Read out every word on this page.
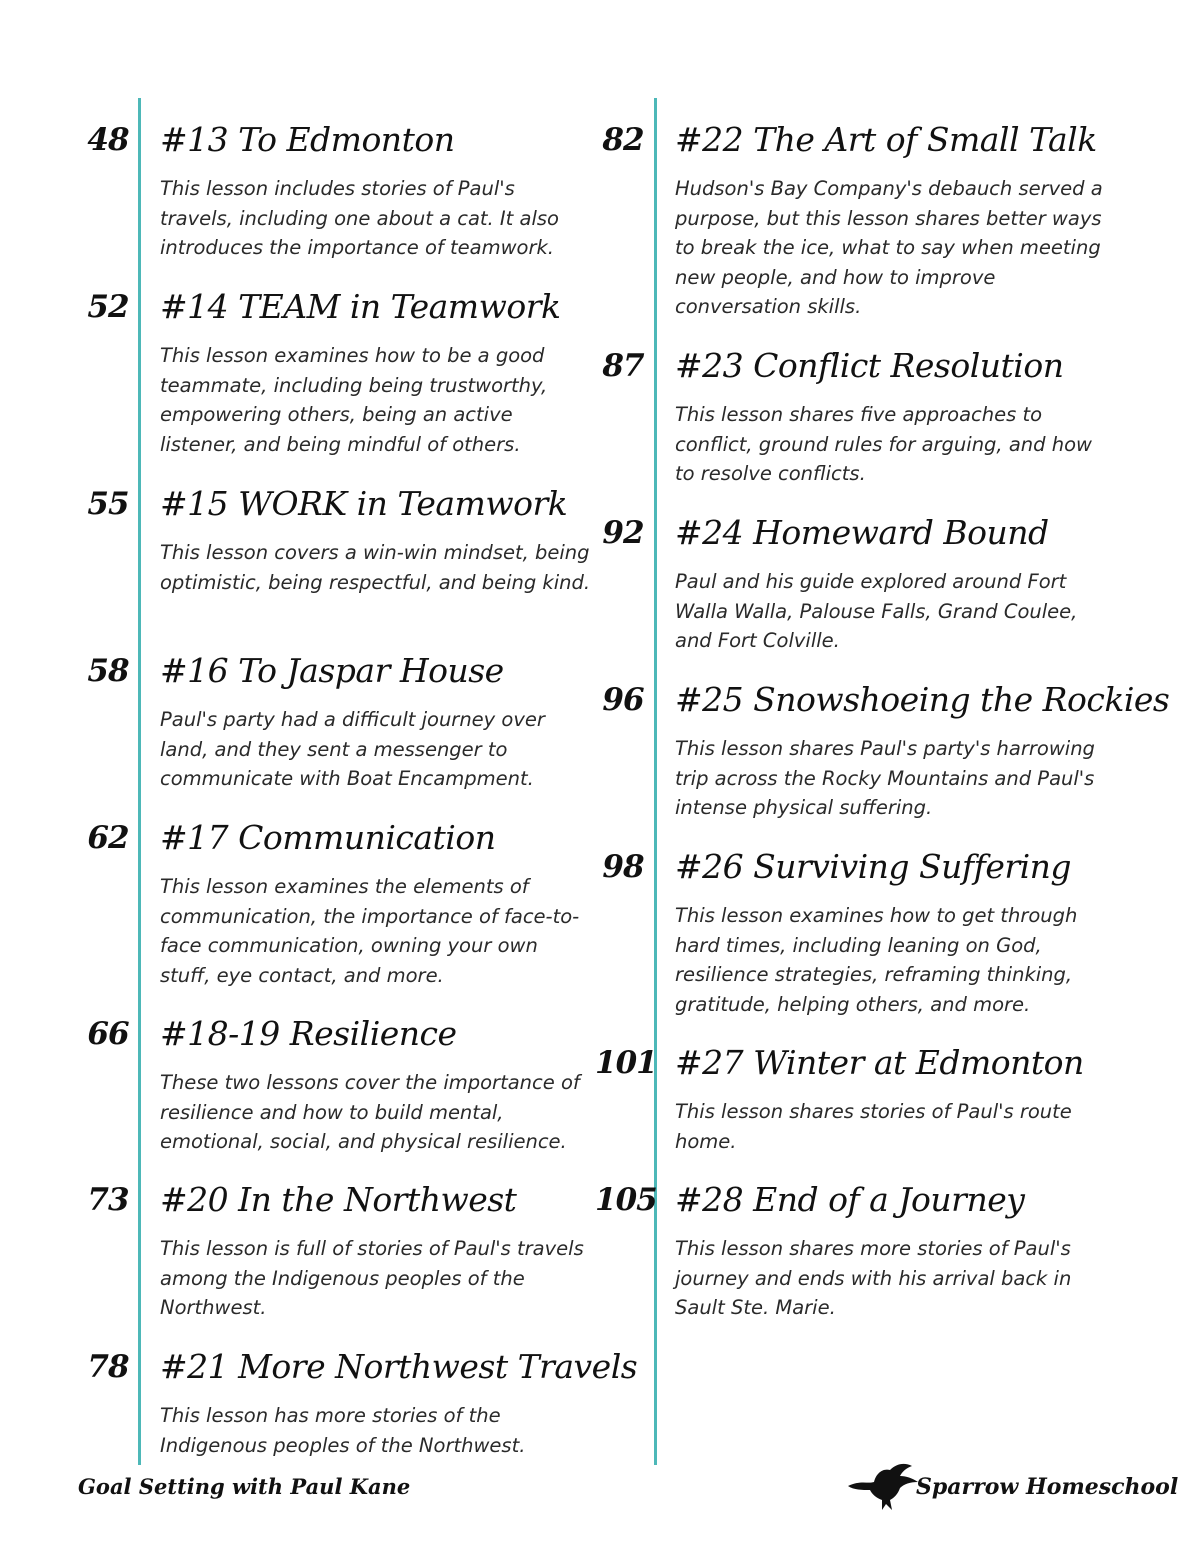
48 #13 To Edmonton
This lesson includes stories of Paul's travels, including one about a cat. It also introduces the importance of teamwork.
52 #14 TEAM in Teamwork
This lesson examines how to be a good teammate, including being trustworthy, empowering others, being an active listener, and being mindful of others.
55 #15 WORK in Teamwork
This lesson covers a win-win mindset, being optimistic, being respectful, and being kind.
58 #16 To Jaspar House
Paul's party had a difficult journey over land, and they sent a messenger to communicate with Boat Encampment.
62 #17 Communication
This lesson examines the elements of communication, the importance of face-to-face communication, owning your own stuff, eye contact, and more.
66 #18-19 Resilience
These two lessons cover the importance of resilience and how to build mental, emotional, social, and physical resilience.
73 #20 In the Northwest
This lesson is full of stories of Paul's travels among the Indigenous peoples of the Northwest.
78 #21 More Northwest Travels
This lesson has more stories of the Indigenous peoples of the Northwest.
82 #22 The Art of Small Talk
Hudson's Bay Company's debauch served a purpose, but this lesson shares better ways to break the ice, what to say when meeting new people, and how to improve conversation skills.
87 #23 Conflict Resolution
This lesson shares five approaches to conflict, ground rules for arguing, and how to resolve conflicts.
92 #24 Homeward Bound
Paul and his guide explored around Fort Walla Walla, Palouse Falls, Grand Coulee, and Fort Colville.
96 #25 Snowshoeing the Rockies
This lesson shares Paul's party's harrowing trip across the Rocky Mountains and Paul's intense physical suffering.
98 #26 Surviving Suffering
This lesson examines how to get through hard times, including leaning on God, resilience strategies, reframing thinking, gratitude, helping others, and more.
101 #27 Winter at Edmonton
This lesson shares stories of Paul's route home.
105 #28 End of a Journey
This lesson shares more stories of Paul's journey and ends with his arrival back in Sault Ste. Marie.
Goal Setting with Paul Kane	Sparrow Homeschool
